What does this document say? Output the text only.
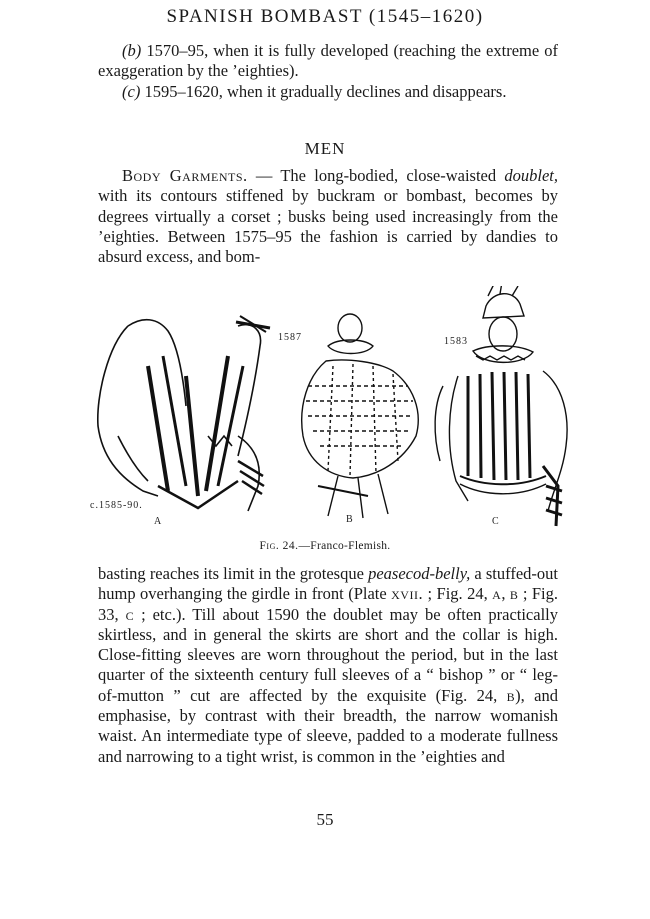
SPANISH BOMBAST (1545–1620)

(b) 1570–95, when it is fully developed (reaching the extreme of exaggeration by the ’eighties).

(c) 1595–1620, when it gradually declines and disappears.

MEN

Body Garments. — The long-bodied, close-waisted doublet, with its contours stiffened by buckram or bombast, becomes by degrees virtually a corset ; busks being used increasingly from the ’eighties. Between 1575–95 the fashion is carried by dandies to absurd excess, and bom-

c.1585-90.
A
1587
B
1583
C
Fig. 24.—Franco-Flemish.

basting reaches its limit in the grotesque peasecod-belly, a stuffed-out hump overhanging the girdle in front (Plate xvii. ; Fig. 24, a, b ; Fig. 33, c ; etc.). Till about 1590 the doublet may be often practically skirtless, and in general the skirts are short and the collar is high. Close-fitting sleeves are worn throughout the period, but in the last quarter of the sixteenth century full sleeves of a “ bishop ” or “ leg-of-mutton ” cut are affected by the exquisite (Fig. 24, b), and emphasise, by contrast with their breadth, the narrow womanish waist. An intermediate type of sleeve, padded to a moderate fullness and narrowing to a tight wrist, is common in the ’eighties and

55
